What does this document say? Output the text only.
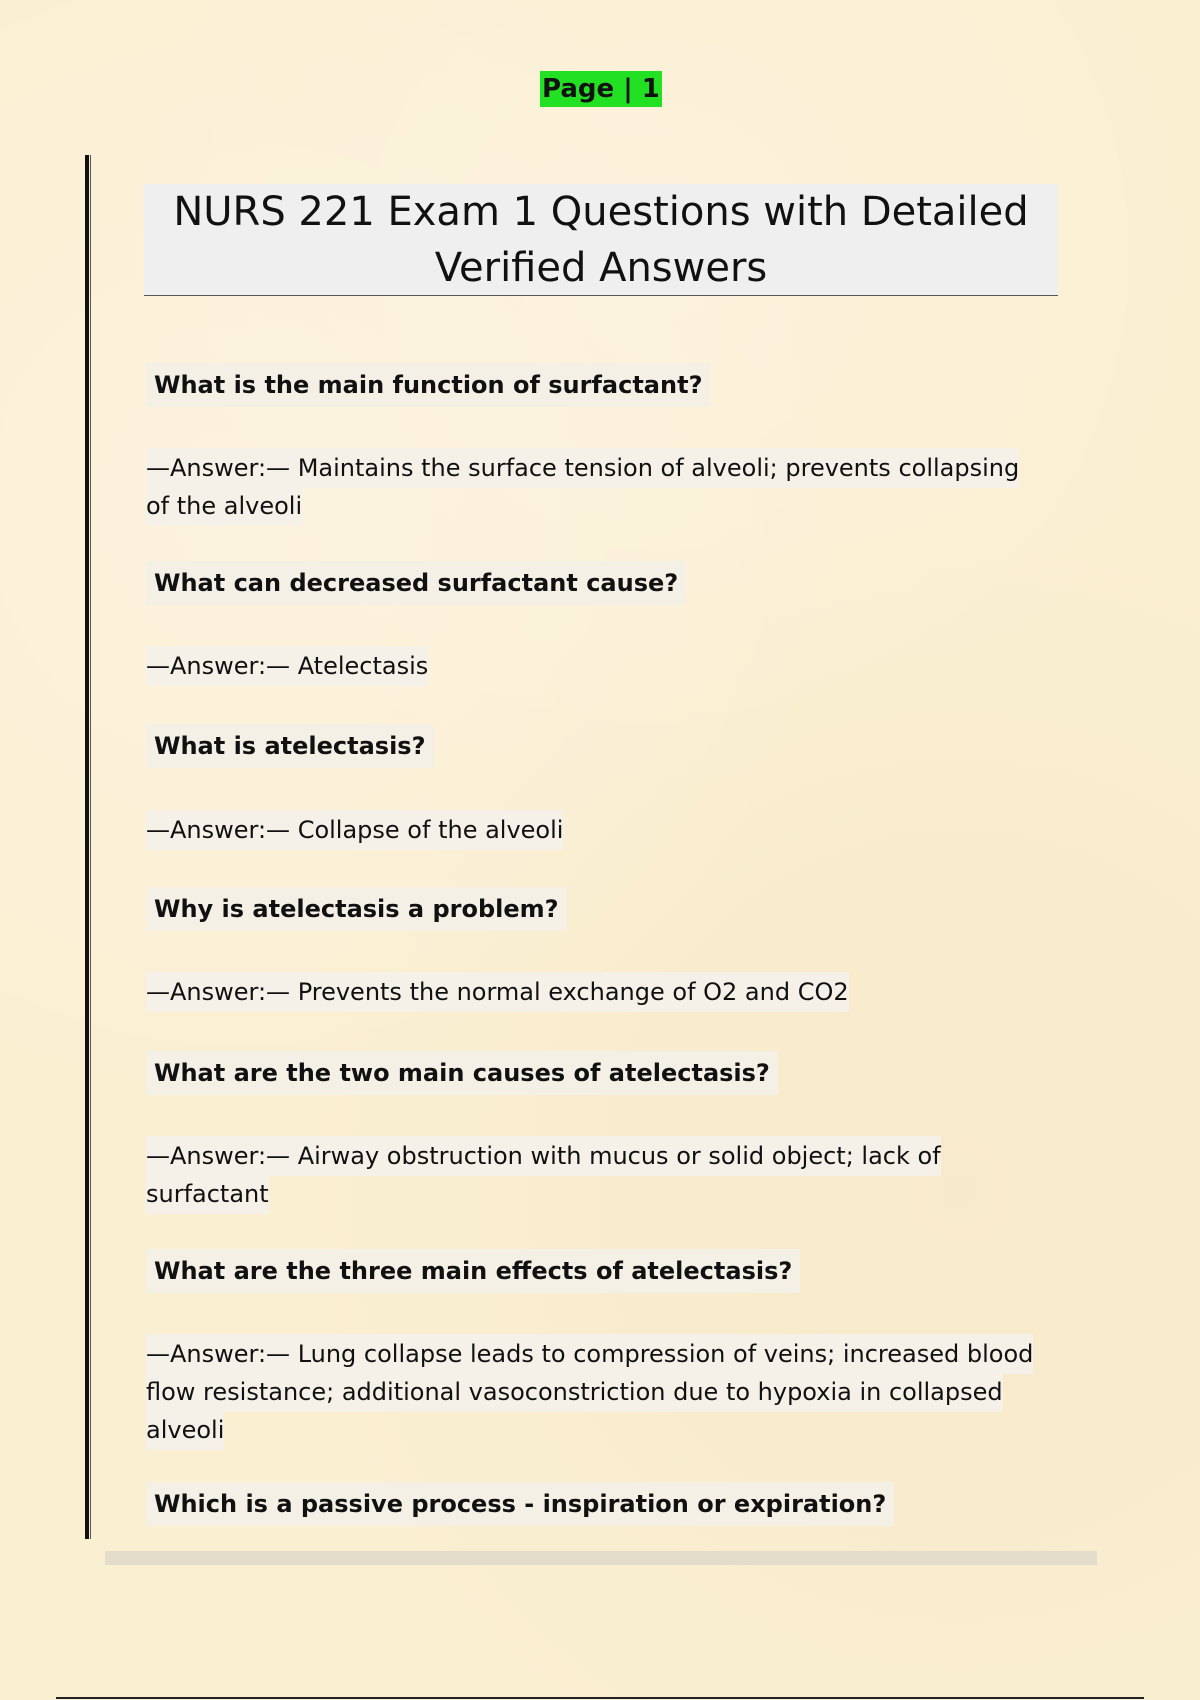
Page | 1
NURS 221 Exam 1 Questions with Detailed
Verified Answers
What is the main function of surfactant?
—Answer:— Maintains the surface tension of alveoli; prevents collapsing of the alveoli
What can decreased surfactant cause?
—Answer:— Atelectasis
What is atelectasis?
—Answer:— Collapse of the alveoli
Why is atelectasis a problem?
—Answer:— Prevents the normal exchange of O2 and CO2
What are the two main causes of atelectasis?
—Answer:— Airway obstruction with mucus or solid object; lack of surfactant
What are the three main effects of atelectasis?
—Answer:— Lung collapse leads to compression of veins; increased blood flow resistance; additional vasoconstriction due to hypoxia in collapsed alveoli
Which is a passive process - inspiration or expiration?
